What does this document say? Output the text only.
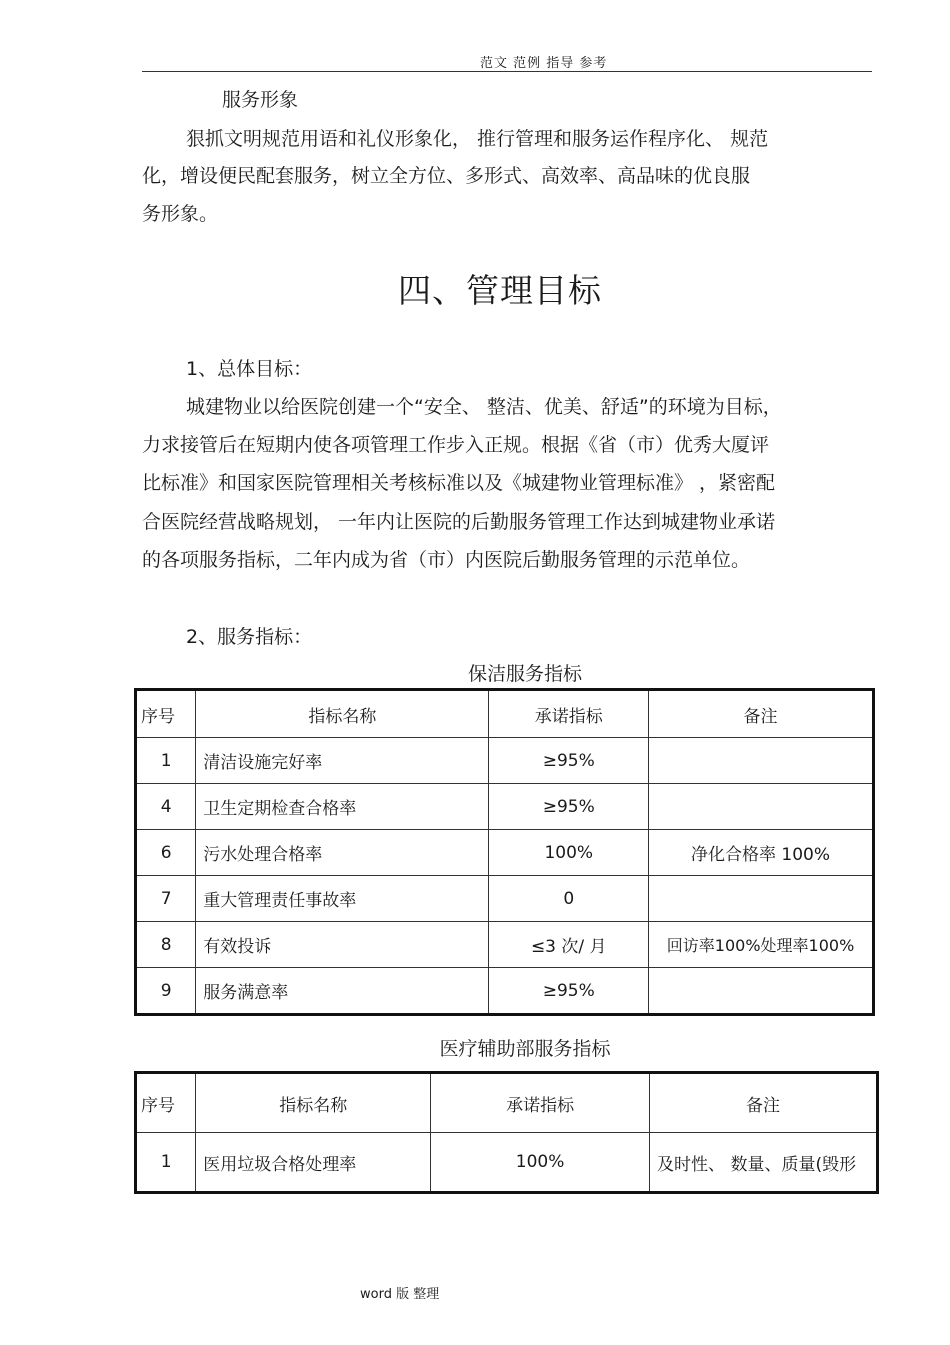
范文 范例 指导 参考
服务形象
狠抓文明规范用语和礼仪形象化， 推行管理和服务运作程序化、 规范
化，增设便民配套服务，树立全方位、多形式、高效率、高品味的优良服
务形象。
四、管理目标
1、总体目标：
城建物业以给医院创建一个“安全、 整洁、优美、舒适”的环境为目标，
力求接管后在短期内使各项管理工作步入正规。根据《省（市）优秀大厦评
比标准》和国家医院管理相关考核标准以及《城建物业管理标准》 ，紧密配
合医院经营战略规划， 一年内让医院的后勤服务管理工作达到城建物业承诺
的各项服务指标，二年内成为省（市）内医院后勤服务管理的示范单位。
2、服务指标：
保洁服务指标
序号	指标名称	承诺指标	备注
1	清洁设施完好率	≥95%	
4	卫生定期检查合格率	≥95%	
6	污水处理合格率	100%	净化合格率 100%
7	重大管理责任事故率	0	
8	有效投诉	≤3 次/ 月	回访率100%处理率100%
9	服务满意率	≥95%	
医疗辅助部服务指标
序号	指标名称	承诺指标	备注
1	医用垃圾合格处理率	100%	及时性、 数量、质量(毁形
word 版 整理
